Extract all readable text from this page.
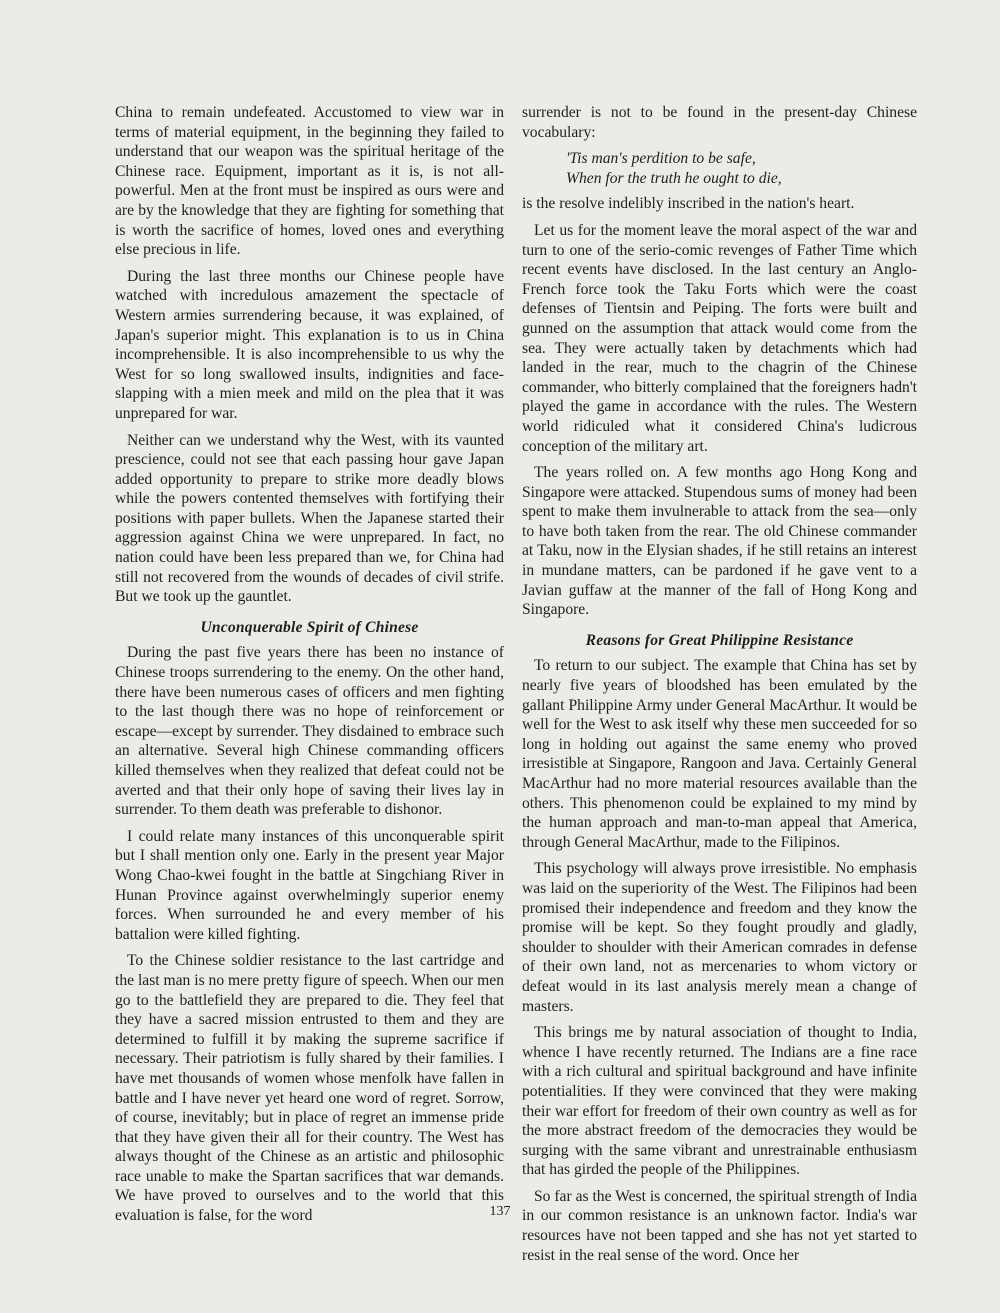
China to remain undefeated. Accustomed to view war in terms of material equipment, in the beginning they failed to understand that our weapon was the spiritual heritage of the Chinese race. Equipment, important as it is, is not all-powerful. Men at the front must be inspired as ours were and are by the knowledge that they are fighting for something that is worth the sacrifice of homes, loved ones and everything else precious in life.

During the last three months our Chinese people have watched with incredulous amazement the spectacle of Western armies surrendering because, it was explained, of Japan's superior might. This explanation is to us in China incomprehensible. It is also incomprehensible to us why the West for so long swallowed insults, indignities and face-slapping with a mien meek and mild on the plea that it was unprepared for war.

Neither can we understand why the West, with its vaunted prescience, could not see that each passing hour gave Japan added opportunity to prepare to strike more deadly blows while the powers contented themselves with fortifying their positions with paper bullets. When the Japanese started their aggression against China we were unprepared. In fact, no nation could have been less prepared than we, for China had still not recovered from the wounds of decades of civil strife. But we took up the gauntlet.

Unconquerable Spirit of Chinese

During the past five years there has been no instance of Chinese troops surrendering to the enemy. On the other hand, there have been numerous cases of officers and men fighting to the last though there was no hope of reinforcement or escape—except by surrender. They disdained to embrace such an alternative. Several high Chinese commanding officers killed themselves when they realized that defeat could not be averted and that their only hope of saving their lives lay in surrender. To them death was preferable to dishonor.

I could relate many instances of this unconquerable spirit but I shall mention only one. Early in the present year Major Wong Chao-kwei fought in the battle at Singchiang River in Hunan Province against overwhelmingly superior enemy forces. When surrounded he and every member of his battalion were killed fighting.

To the Chinese soldier resistance to the last cartridge and the last man is no mere pretty figure of speech. When our men go to the battlefield they are prepared to die. They feel that they have a sacred mission entrusted to them and they are determined to fulfill it by making the supreme sacrifice if necessary. Their patriotism is fully shared by their families. I have met thousands of women whose menfolk have fallen in battle and I have never yet heard one word of regret. Sorrow, of course, inevitably; but in place of regret an immense pride that they have given their all for their country. The West has always thought of the Chinese as an artistic and philosophic race unable to make the Spartan sacrifices that war demands. We have proved to ourselves and to the world that this evaluation is false, for the word

surrender is not to be found in the present-day Chinese vocabulary:

'Tis man's perdition to be safe,
When for the truth he ought to die,

is the resolve indelibly inscribed in the nation's heart.

Let us for the moment leave the moral aspect of the war and turn to one of the serio-comic revenges of Father Time which recent events have disclosed. In the last century an Anglo-French force took the Taku Forts which were the coast defenses of Tientsin and Peiping. The forts were built and gunned on the assumption that attack would come from the sea. They were actually taken by detachments which had landed in the rear, much to the chagrin of the Chinese commander, who bitterly complained that the foreigners hadn't played the game in accordance with the rules. The Western world ridiculed what it considered China's ludicrous conception of the military art.

The years rolled on. A few months ago Hong Kong and Singapore were attacked. Stupendous sums of money had been spent to make them invulnerable to attack from the sea—only to have both taken from the rear. The old Chinese commander at Taku, now in the Elysian shades, if he still retains an interest in mundane matters, can be pardoned if he gave vent to a Javian guffaw at the manner of the fall of Hong Kong and Singapore.

Reasons for Great Philippine Resistance

To return to our subject. The example that China has set by nearly five years of bloodshed has been emulated by the gallant Philippine Army under General MacArthur. It would be well for the West to ask itself why these men succeeded for so long in holding out against the same enemy who proved irresistible at Singapore, Rangoon and Java. Certainly General MacArthur had no more material resources available than the others. This phenomenon could be explained to my mind by the human approach and man-to-man appeal that America, through General MacArthur, made to the Filipinos.

This psychology will always prove irresistible. No emphasis was laid on the superiority of the West. The Filipinos had been promised their independence and freedom and they know the promise will be kept. So they fought proudly and gladly, shoulder to shoulder with their American comrades in defense of their own land, not as mercenaries to whom victory or defeat would in its last analysis merely mean a change of masters.

This brings me by natural association of thought to India, whence I have recently returned. The Indians are a fine race with a rich cultural and spiritual background and have infinite potentialities. If they were convinced that they were making their war effort for freedom of their own country as well as for the more abstract freedom of the democracies they would be surging with the same vibrant and unrestrainable enthusiasm that has girded the people of the Philippines.

So far as the West is concerned, the spiritual strength of India in our common resistance is an unknown factor. India's war resources have not been tapped and she has not yet started to resist in the real sense of the word. Once her

137
